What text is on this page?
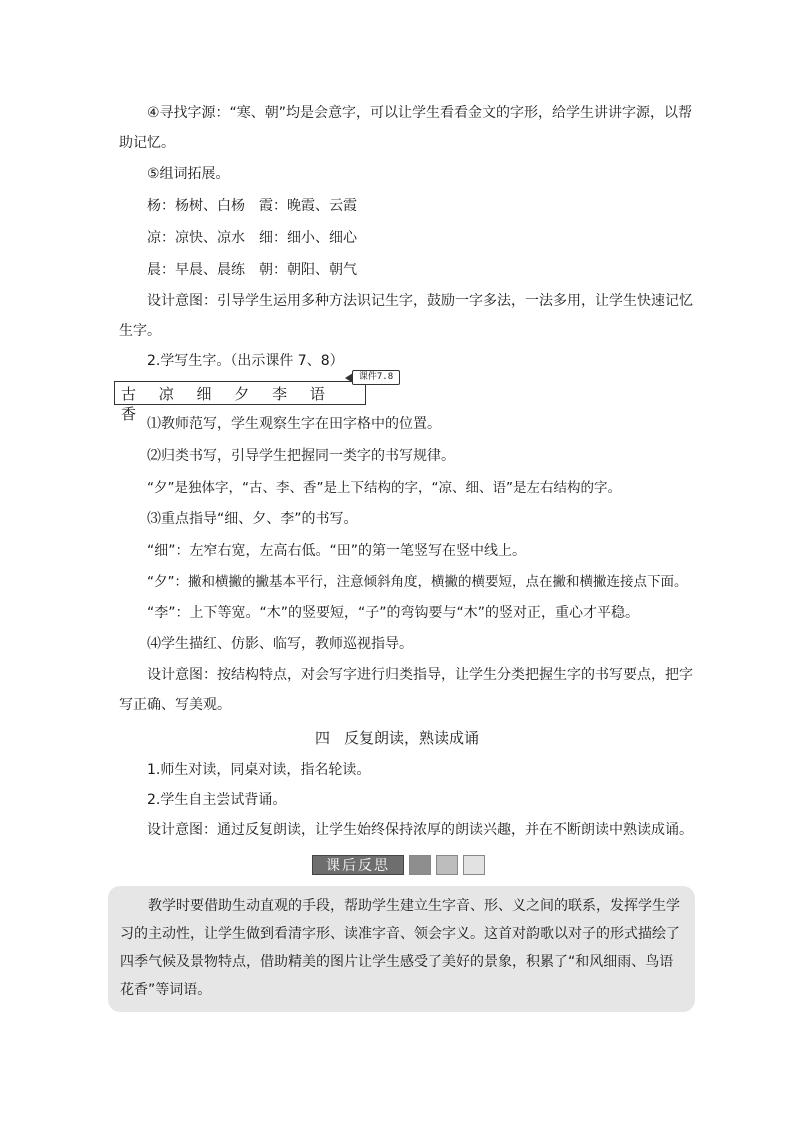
④寻找字源：“寒、朝”均是会意字，可以让学生看看金文的字形，给学生讲讲字源，以帮
助记忆。
⑤组词拓展。
杨：杨树、白杨　霞：晚霞、云霞
凉：凉快、凉水　细：细小、细心
晨：早晨、晨练　朝：朝阳、朝气
设计意图：引导学生运用多种方法识记生字，鼓励一字多法，一法多用，让学生快速记忆
生字。
2.学写生字。（出示课件 7、8）
古 凉 细 夕 李 语 香
课件7.8
⑴教师范写，学生观察生字在田字格中的位置。
⑵归类书写，引导学生把握同一类字的书写规律。
“夕”是独体字，“古、李、香”是上下结构的字，“凉、细、语”是左右结构的字。
⑶重点指导“细、夕、李”的书写。
“细”：左窄右宽，左高右低。“田”的第一笔竖写在竖中线上。
“夕”：撇和横撇的撇基本平行，注意倾斜角度，横撇的横要短，点在撇和横撇连接点下面。
“李”：上下等宽。“木”的竖要短，“子”的弯钩要与“木”的竖对正，重心才平稳。
⑷学生描红、仿影、临写，教师巡视指导。
设计意图：按结构特点，对会写字进行归类指导，让学生分类把握生字的书写要点，把字
写正确、写美观。
四 反复朗读，熟读成诵
1.师生对读，同桌对读，指名轮读。
2.学生自主尝试背诵。
设计意图：通过反复朗读，让学生始终保持浓厚的朗读兴趣，并在不断朗读中熟读成诵。
课后反思
教学时要借助生动直观的手段，帮助学生建立生字音、形、义之间的联系，发挥学生学习的主动性，让学生做到看清字形、读准字音、领会字义。这首对韵歌以对子的形式描绘了四季气候及景物特点，借助精美的图片让学生感受了美好的景象，积累了“和风细雨、鸟语花香”等词语。
